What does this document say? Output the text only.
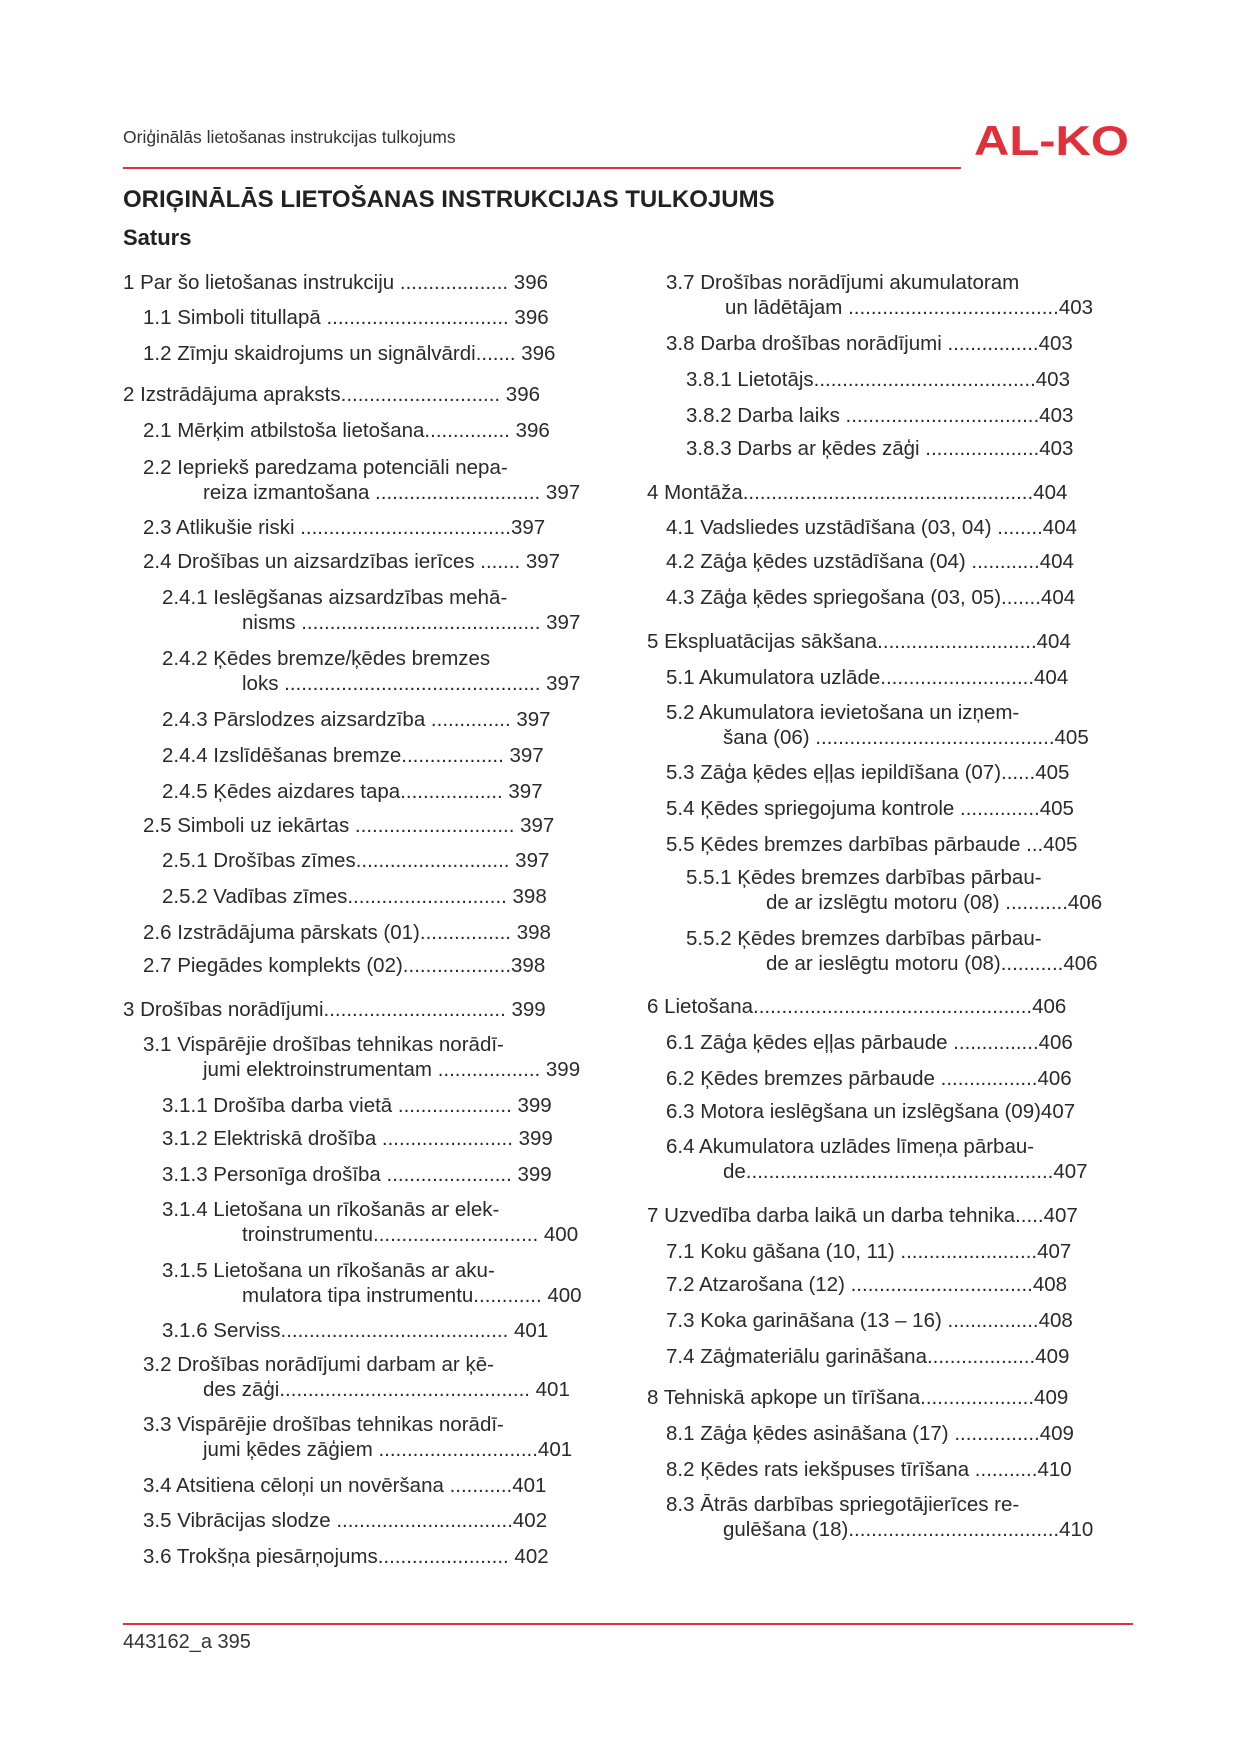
Oriģinālās lietošanas instrukcijas tulkojums	AL-KO
ORIĢINĀLĀS LIETOŠANAS INSTRUKCIJAS TULKOJUMS
Saturs
1 Par šo lietošanas instrukciju ................... 396
1.1 Simboli titullapā ................................ 396
1.2 Zīmju skaidrojums un signālvārdi....... 396
2 Izstrādājuma apraksts............................ 396
2.1 Mērķim atbilstoša lietošana............... 396
2.2 Iepriekš paredzama potenciāli nepa-
reiza izmantošana ............................. 397
2.3 Atlikušie riski .....................................397
2.4 Drošības un aizsardzības ierīces ....... 397
2.4.1 Ieslēgšanas aizsardzības mehā-
nisms .......................................... 397
2.4.2 Ķēdes bremze/ķēdes bremzes
loks ............................................. 397
2.4.3 Pārslodzes aizsardzība .............. 397
2.4.4 Izslīdēšanas bremze.................. 397
2.4.5 Ķēdes aizdares tapa.................. 397
2.5 Simboli uz iekārtas ............................ 397
2.5.1 Drošības zīmes........................... 397
2.5.2 Vadības zīmes............................ 398
2.6 Izstrādājuma pārskats (01)................ 398
2.7 Piegādes komplekts (02)...................398
3 Drošības norādījumi................................ 399
3.1 Vispārējie drošības tehnikas norādī-
jumi elektroinstrumentam .................. 399
3.1.1 Drošība darba vietā .................... 399
3.1.2 Elektriskā drošība ....................... 399
3.1.3 Personīga drošība ...................... 399
3.1.4 Lietošana un rīkošanās ar elek-
troinstrumentu............................. 400
3.1.5 Lietošana un rīkošanās ar aku-
mulatora tipa instrumentu............ 400
3.1.6 Serviss........................................ 401
3.2 Drošības norādījumi darbam ar ķē-
des zāģi............................................ 401
3.3 Vispārējie drošības tehnikas norādī-
jumi ķēdes zāģiem ............................401
3.4 Atsitiena cēloņi un novēršana ...........401
3.5 Vibrācijas slodze ...............................402
3.6 Trokšņa piesārņojums....................... 402
3.7 Drošības norādījumi akumulatoram
un lādētājam .....................................403
3.8 Darba drošības norādījumi ................403
3.8.1 Lietotājs.......................................403
3.8.2 Darba laiks ..................................403
3.8.3 Darbs ar ķēdes zāģi ....................403
4 Montāža...................................................404
4.1 Vadsliedes uzstādīšana (03, 04) ........404
4.2 Zāģa ķēdes uzstādīšana (04) ............404
4.3 Zāģa ķēdes spriegošana (03, 05).......404
5 Ekspluatācijas sākšana............................404
5.1 Akumulatora uzlāde...........................404
5.2 Akumulatora ievietošana un izņem-
šana (06) ..........................................405
5.3 Zāģa ķēdes eļļas iepildīšana (07)......405
5.4 Ķēdes spriegojuma kontrole ..............405
5.5 Ķēdes bremzes darbības pārbaude ...405
5.5.1 Ķēdes bremzes darbības pārbau-
de ar izslēgtu motoru (08) ...........406
5.5.2 Ķēdes bremzes darbības pārbau-
de ar ieslēgtu motoru (08)...........406
6 Lietošana.................................................406
6.1 Zāģa ķēdes eļļas pārbaude ...............406
6.2 Ķēdes bremzes pārbaude .................406
6.3 Motora ieslēgšana un izslēgšana (09)407
6.4 Akumulatora uzlādes līmeņa pārbau-
de......................................................407
7 Uzvedība darba laikā un darba tehnika.....407
7.1 Koku gāšana (10, 11) ........................407
7.2 Atzarošana (12) ................................408
7.3 Koka garināšana (13 – 16) ................408
7.4 Zāģmateriālu garināšana...................409
8 Tehniskā apkope un tīrīšana....................409
8.1 Zāģa ķēdes asināšana (17) ...............409
8.2 Ķēdes rats iekšpuses tīrīšana ...........410
8.3 Ātrās darbības spriegotājierīces re-
gulēšana (18).....................................410
443162_a 395
